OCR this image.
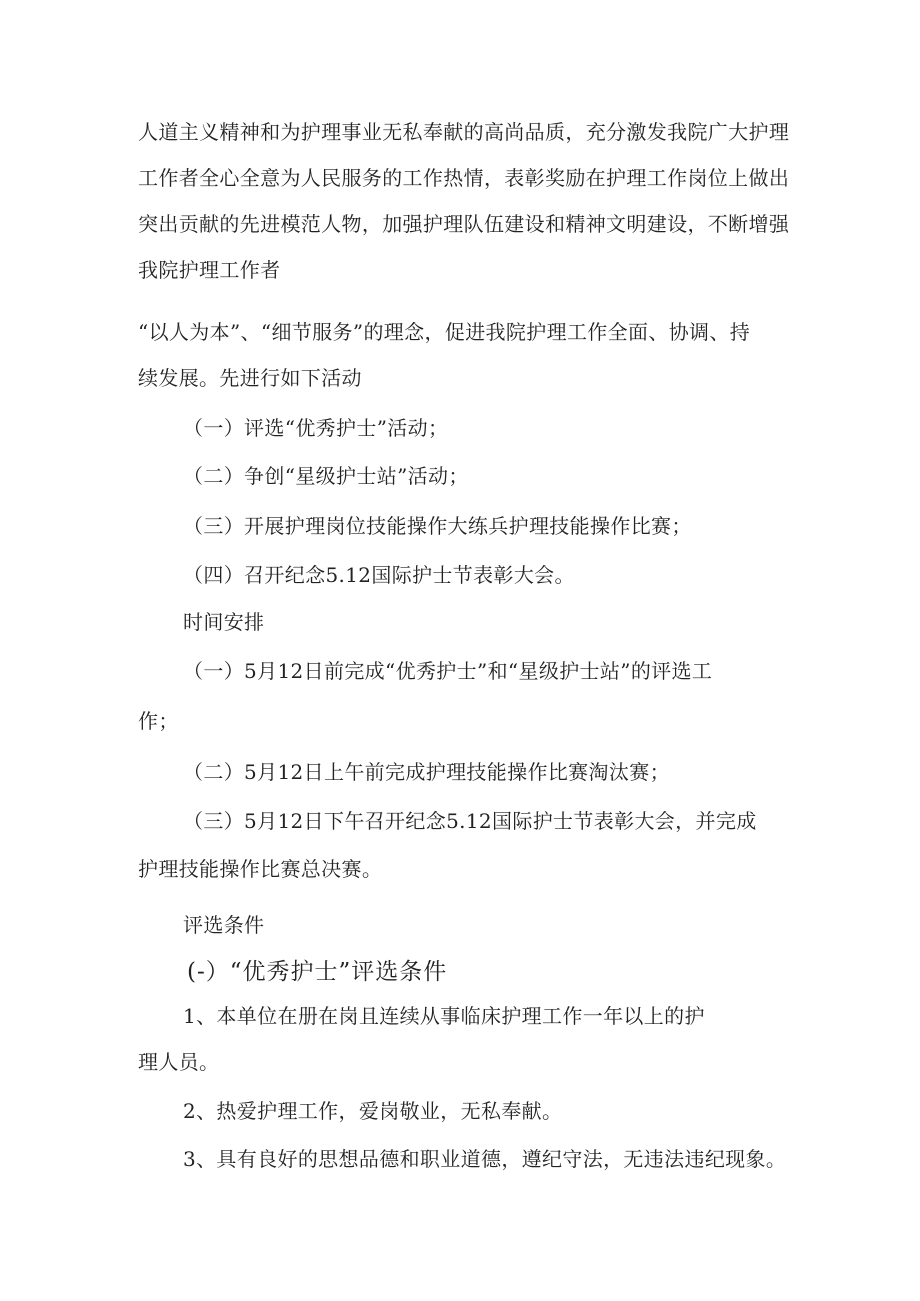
人道主义精神和为护理事业无私奉献的高尚品质，充分激发我院广大护理

工作者全心全意为人民服务的工作热情，表彰奖励在护理工作岗位上做出

突出贡献的先进模范人物，加强护理队伍建设和精神文明建设，不断增强

我院护理工作者

“以人为本”、“细节服务”的理念，促进我院护理工作全面、协调、持

续发展。先进行如下活动

（一）评选“优秀护士”活动；

（二）争创“星级护士站”活动；

（三）开展护理岗位技能操作大练兵护理技能操作比赛；

（四）召开纪念5.12国际护士节表彰大会。

时间安排

（一）5月12日前完成“优秀护士”和“星级护士站”的评选工

作；

（二）5月12日上午前完成护理技能操作比赛淘汰赛；

（三）5月12日下午召开纪念5.12国际护士节表彰大会，并完成

护理技能操作比赛总决赛。

评选条件

(-）“优秀护士”评选条件

1、本单位在册在岗且连续从事临床护理工作一年以上的护

理人员。

2、热爱护理工作，爱岗敬业，无私奉献。

3、具有良好的思想品德和职业道德，遵纪守法，无违法违纪现象。
